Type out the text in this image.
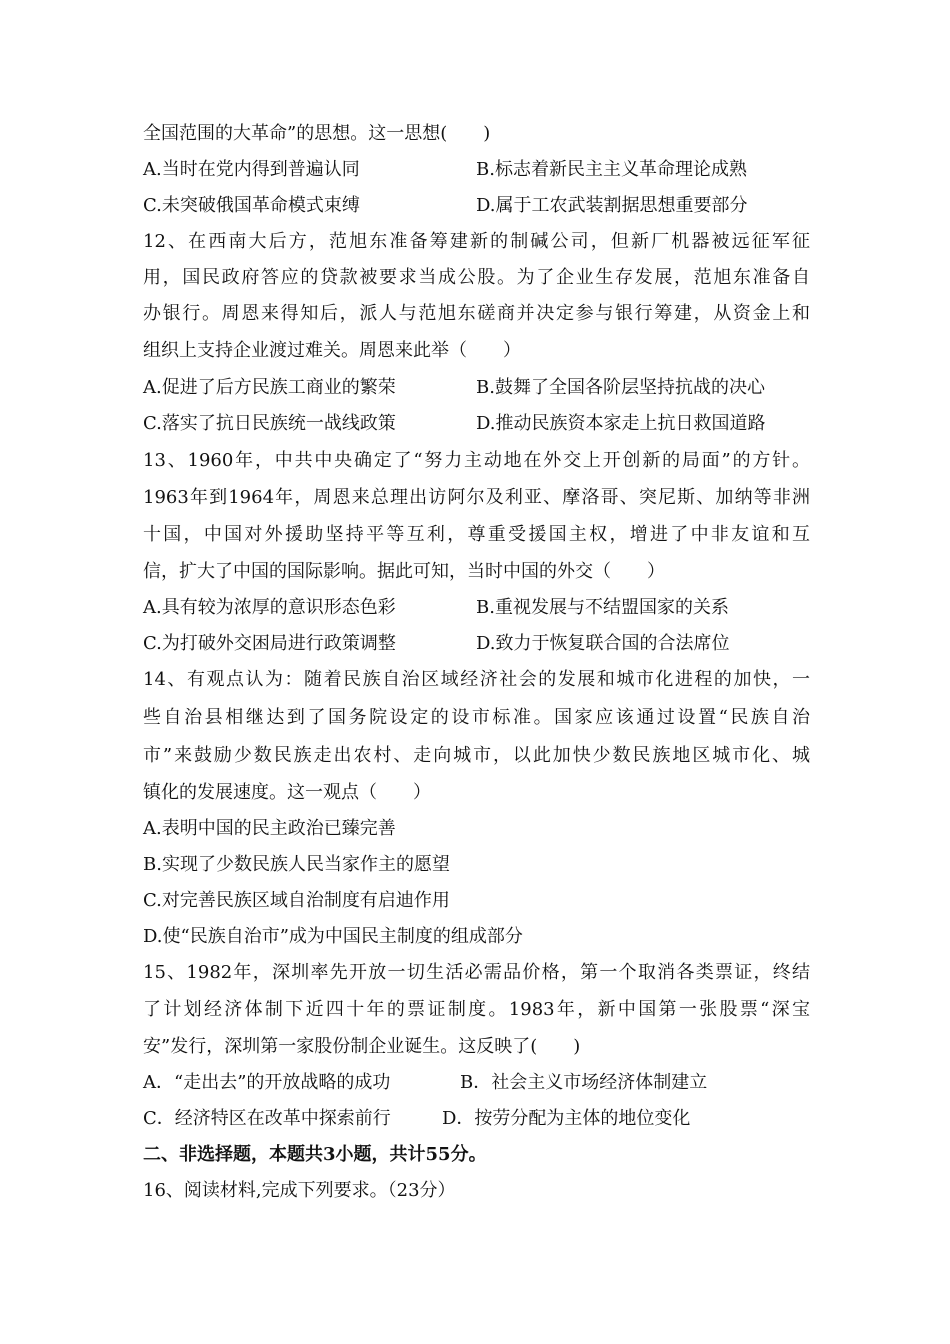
全国范围的大革命”的思想。这一思想(　　)
A.当时在党内得到普遍认同	B.标志着新民主主义革命理论成熟
C.未突破俄国革命模式束缚	D.属于工农武装割据思想重要部分
12、在西南大后方，范旭东准备筹建新的制碱公司，但新厂机器被远征军征
用，国民政府答应的贷款被要求当成公股。为了企业生存发展，范旭东准备自
办银行。周恩来得知后，派人与范旭东磋商并决定参与银行筹建，从资金上和
组织上支持企业渡过难关。周恩来此举（　　）
A.促进了后方民族工商业的繁荣	B.鼓舞了全国各阶层坚持抗战的决心
C.落实了抗日民族统一战线政策	D.推动民族资本家走上抗日救国道路
13、1960年，中共中央确定了“努力主动地在外交上开创新的局面”的方针。
1963年到1964年，周恩来总理出访阿尔及利亚、摩洛哥、突尼斯、加纳等非洲
十国，中国对外援助坚持平等互利，尊重受援国主权，增进了中非友谊和互
信，扩大了中国的国际影响。据此可知，当时中国的外交（　　）
A.具有较为浓厚的意识形态色彩	B.重视发展与不结盟国家的关系
C.为打破外交困局进行政策调整	D.致力于恢复联合国的合法席位
14、有观点认为：随着民族自治区域经济社会的发展和城市化进程的加快，一
些自治县相继达到了国务院设定的设市标准。国家应该通过设置“民族自治
市”来鼓励少数民族走出农村、走向城市，以此加快少数民族地区城市化、城
镇化的发展速度。这一观点（　　）
A.表明中国的民主政治已臻完善
B.实现了少数民族人民当家作主的愿望
C.对完善民族区域自治制度有启迪作用
D.使“民族自治市”成为中国民主制度的组成部分
15、1982年，深圳率先开放一切生活必需品价格，第一个取消各类票证，终结
了计划经济体制下近四十年的票证制度。1983年，新中国第一张股票“深宝
安”发行，深圳第一家股份制企业诞生。这反映了(　　)
A．“走出去”的开放战略的成功	B．社会主义市场经济体制建立
C．经济特区在改革中探索前行	D．按劳分配为主体的地位变化
二、非选择题，本题共3小题，共计55分。
16、阅读材料,完成下列要求。（23分）
